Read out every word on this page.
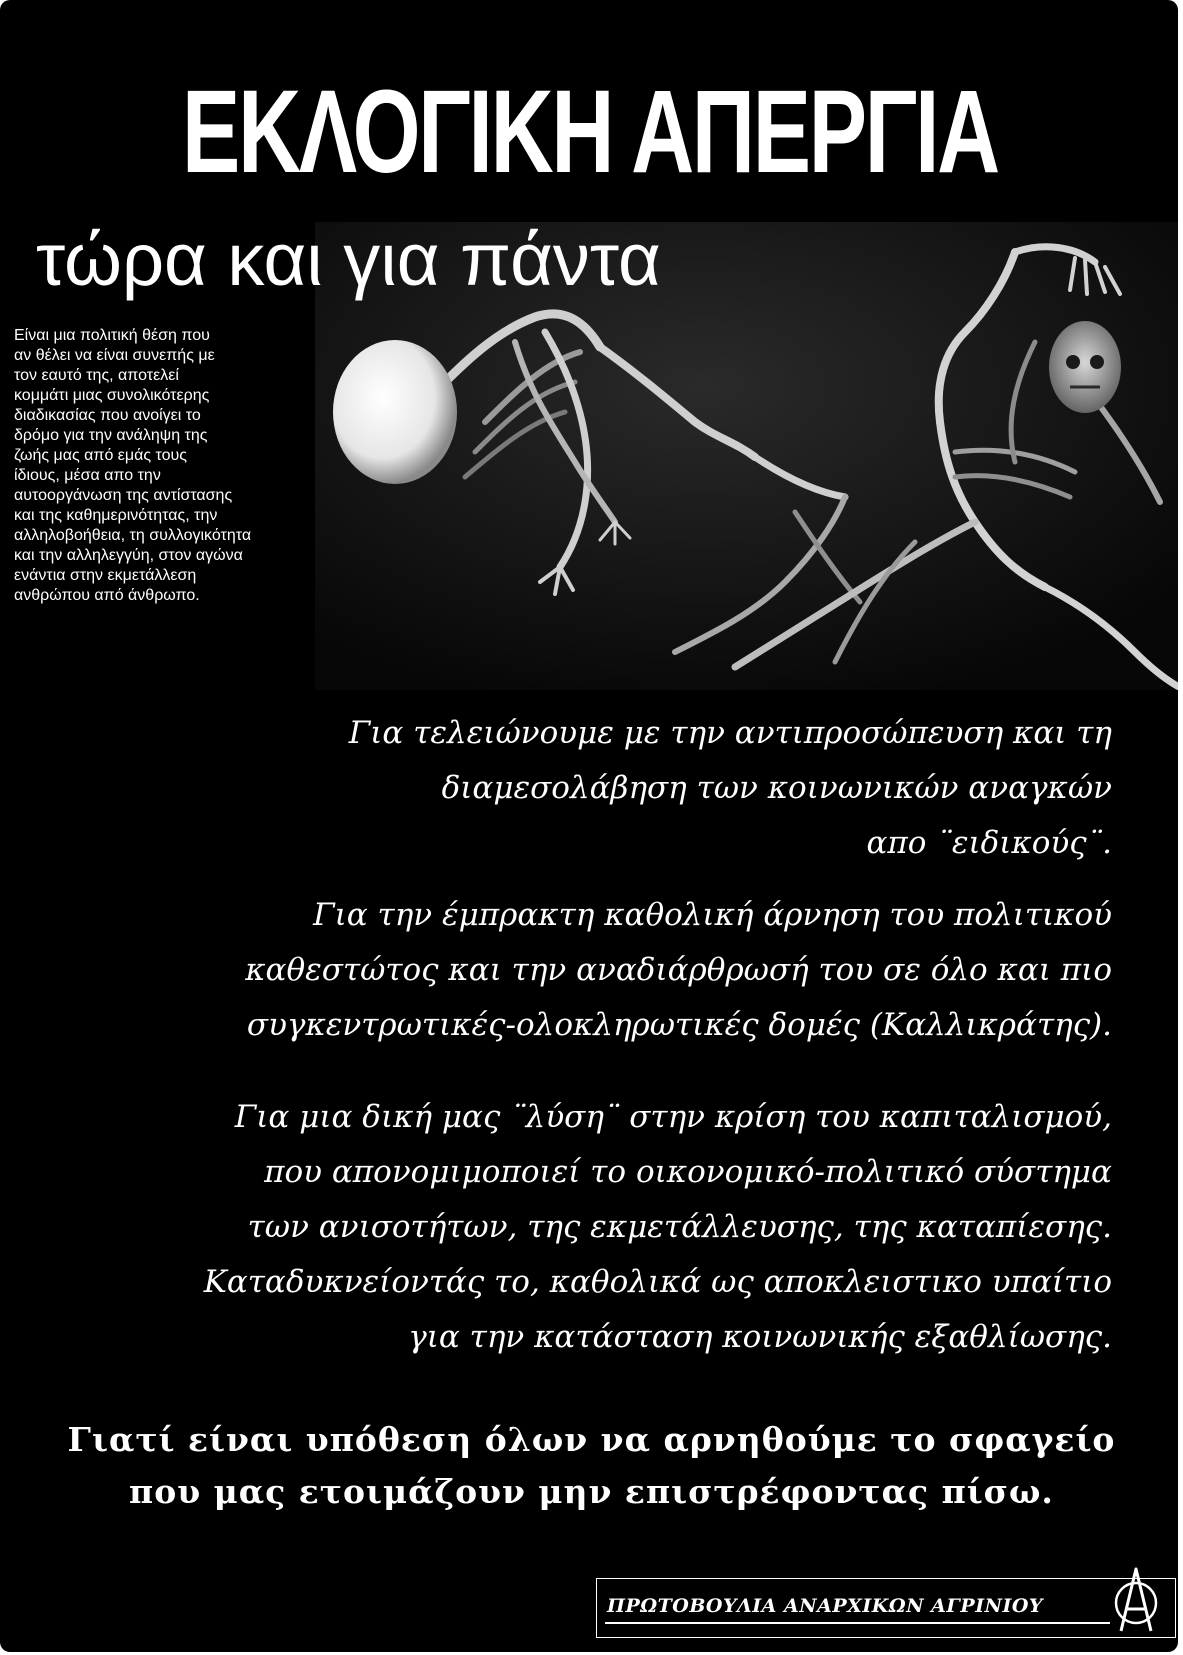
ΕΚΛΟΓΙΚΗ ΑΠΕΡΓΙΑ

τώρα και για πάντα

Είναι μια πολιτική θέση που
αν θέλει να είναι συνεπής με
τον εαυτό της, αποτελεί
κομμάτι μιας συνολικότερης
διαδικασίας που ανοίγει το
δρόμο για την ανάληψη της
ζωής μας από εμάς τους
ίδιους, μέσα απο την
αυτοοργάνωση της αντίστασης
και της καθημερινότητας, την
αλληλοβοήθεια, τη συλλογικότητα
και την αλληλεγγύη, στον αγώνα
ενάντια στην εκμετάλλεση
ανθρώπου από άνθρωπο.

Για τελειώνουμε με την αντιπροσώπευση και τη
διαμεσολάβηση των κοινωνικών αναγκών
απο ¨ειδικούς¨.

Για την έμπρακτη καθολική άρνηση του πολιτικού
καθεστώτος και την αναδιάρθρωσή του σε όλο και πιο
συγκεντρωτικές-ολοκληρωτικές δομές (Καλλικράτης).

Για μια δική μας ¨λύση¨ στην κρίση του καπιταλισμού,
που απονομιμοποιεί το οικονομικό-πολιτικό σύστημα
των ανισοτήτων, της εκμετάλλευσης, της καταπίεσης.
Καταδυκνείοντάς το, καθολικά ως αποκλειστικο υπαίτιο
για την κατάσταση κοινωνικής εξαθλίωσης.

Γιατί είναι υπόθεση όλων να αρνηθούμε το σφαγείο
που μας ετοιμάζουν μην επιστρέφοντας πίσω.

ΠΡΩΤΟΒΟΥΛΙΑ ΑΝΑΡΧΙΚΩΝ ΑΓΡΙΝΙΟΥ
